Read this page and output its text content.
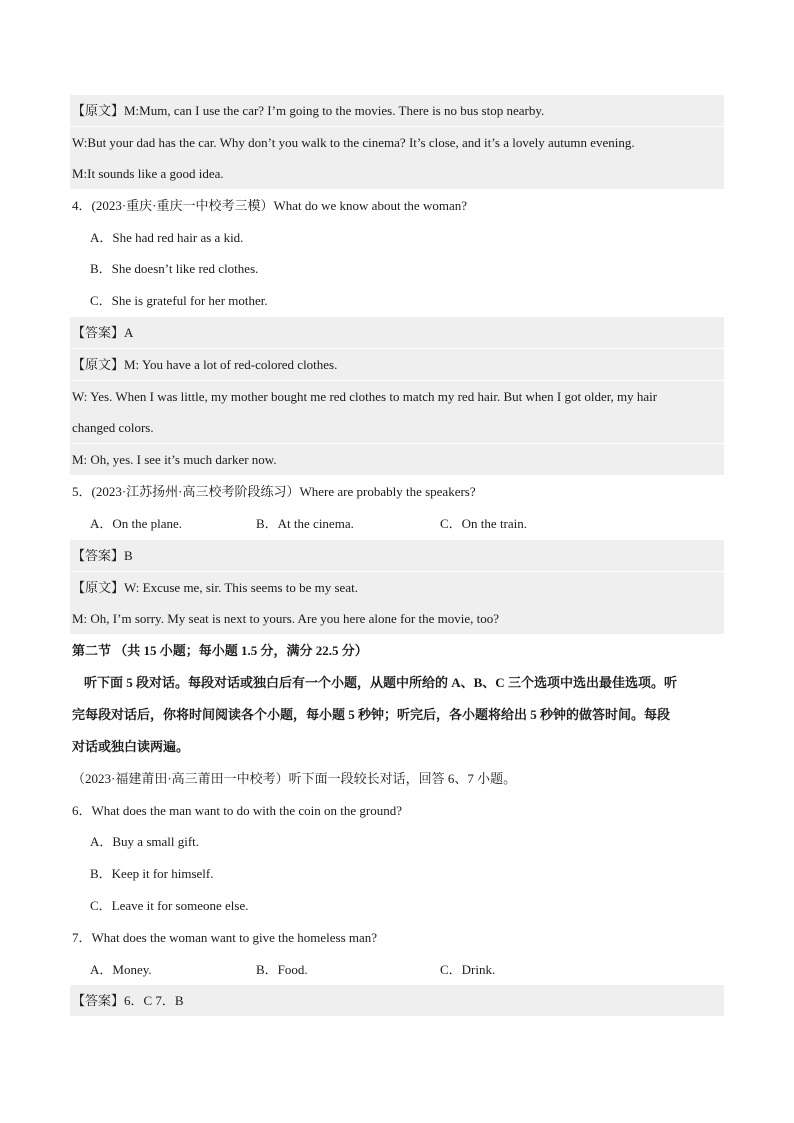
【原文】M:Mum, can I use the car? I’m going to the movies. There is no bus stop nearby.
W:But your dad has the car. Why don’t you walk to the cinema? It’s close, and it’s a lovely autumn evening.
M:It sounds like a good idea.
4．(2023·重庆·重庆一中校考三模）What do we know about the woman?
A．She had red hair as a kid.
B．She doesn’t like red clothes.
C．She is grateful for her mother.
【答案】A
【原文】M: You have a lot of red-colored clothes.
W: Yes. When I was little, my mother bought me red clothes to match my red hair. But when I got older, my hair
changed colors.
M: Oh, yes. I see it’s much darker now.
5．(2023·江苏扬州·高三校考阶段练习）Where are probably the speakers?
A．On the plane.	B．At the cinema.	C．On the train.
【答案】B
【原文】W: Excuse me, sir. This seems to be my seat.
M: Oh, I’m sorry. My seat is next to yours. Are you here alone for the movie, too?
第二节 （共 15 小题；每小题 1.5 分，满分 22.5 分）
听下面 5 段对话。每段对话或独白后有一个小题，从题中所给的 A、B、C 三个选项中选出最佳选项。听
完每段对话后，你将时间阅读各个小题，每小题 5 秒钟；听完后，各小题将给出 5 秒钟的做答时间。每段
对话或独白读两遍。
（2023·福建莆田·高三莆田一中校考）听下面一段较长对话，回答 6、7 小题。
6．What does the man want to do with the coin on the ground?
A．Buy a small gift.
B．Keep it for himself.
C．Leave it for someone else.
7．What does the woman want to give the homeless man?
A．Money.	B．Food.	C．Drink.
【答案】6．C 7．B
